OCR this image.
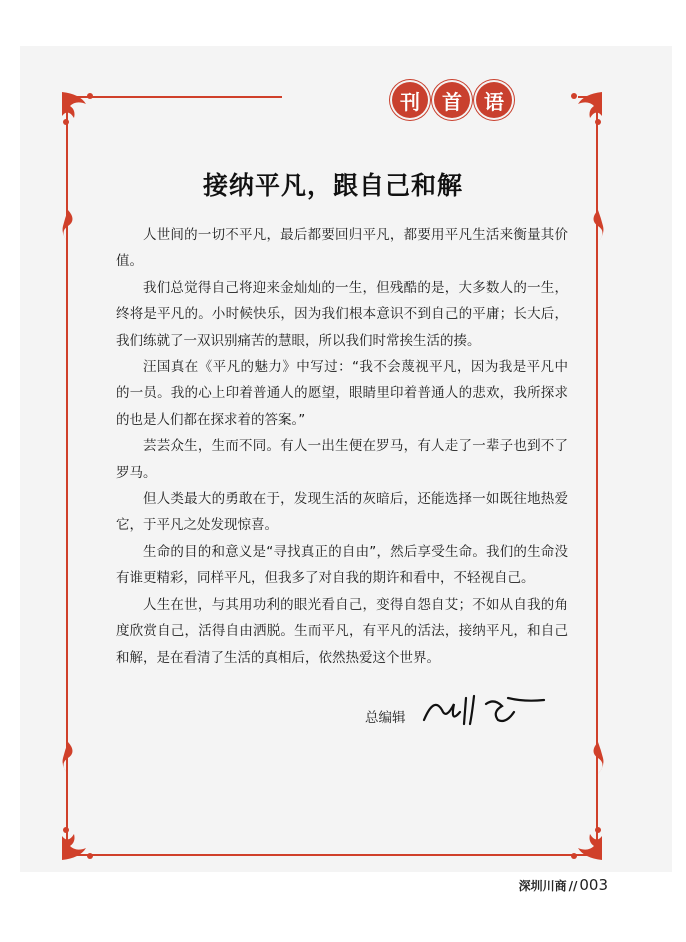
刊	首	语
接纳平凡，跟自己和解

人世间的一切不平凡，最后都要回归平凡，都要用平凡生活来衡量其价值。

我们总觉得自己将迎来金灿灿的一生，但残酷的是，大多数人的一生，终将是平凡的。小时候快乐，因为我们根本意识不到自己的平庸；长大后，我们练就了一双识别痛苦的慧眼，所以我们时常挨生活的揍。

汪国真在《平凡的魅力》中写过：“我不会蔑视平凡，因为我是平凡中的一员。我的心上印着普通人的愿望，眼睛里印着普通人的悲欢，我所探求的也是人们都在探求着的答案。”

芸芸众生，生而不同。有人一出生便在罗马，有人走了一辈子也到不了罗马。

但人类最大的勇敢在于，发现生活的灰暗后，还能选择一如既往地热爱它，于平凡之处发现惊喜。

生命的目的和意义是“寻找真正的自由”，然后享受生命。我们的生命没有谁更精彩，同样平凡，但我多了对自我的期许和看中，不轻视自己。

人生在世，与其用功利的眼光看自己，变得自怨自艾；不如从自我的角度欣赏自己，活得自由洒脱。生而平凡，有平凡的活法，接纳平凡，和自己和解，是在看清了生活的真相后，依然热爱这个世界。

总编辑
深圳川商 // 003
